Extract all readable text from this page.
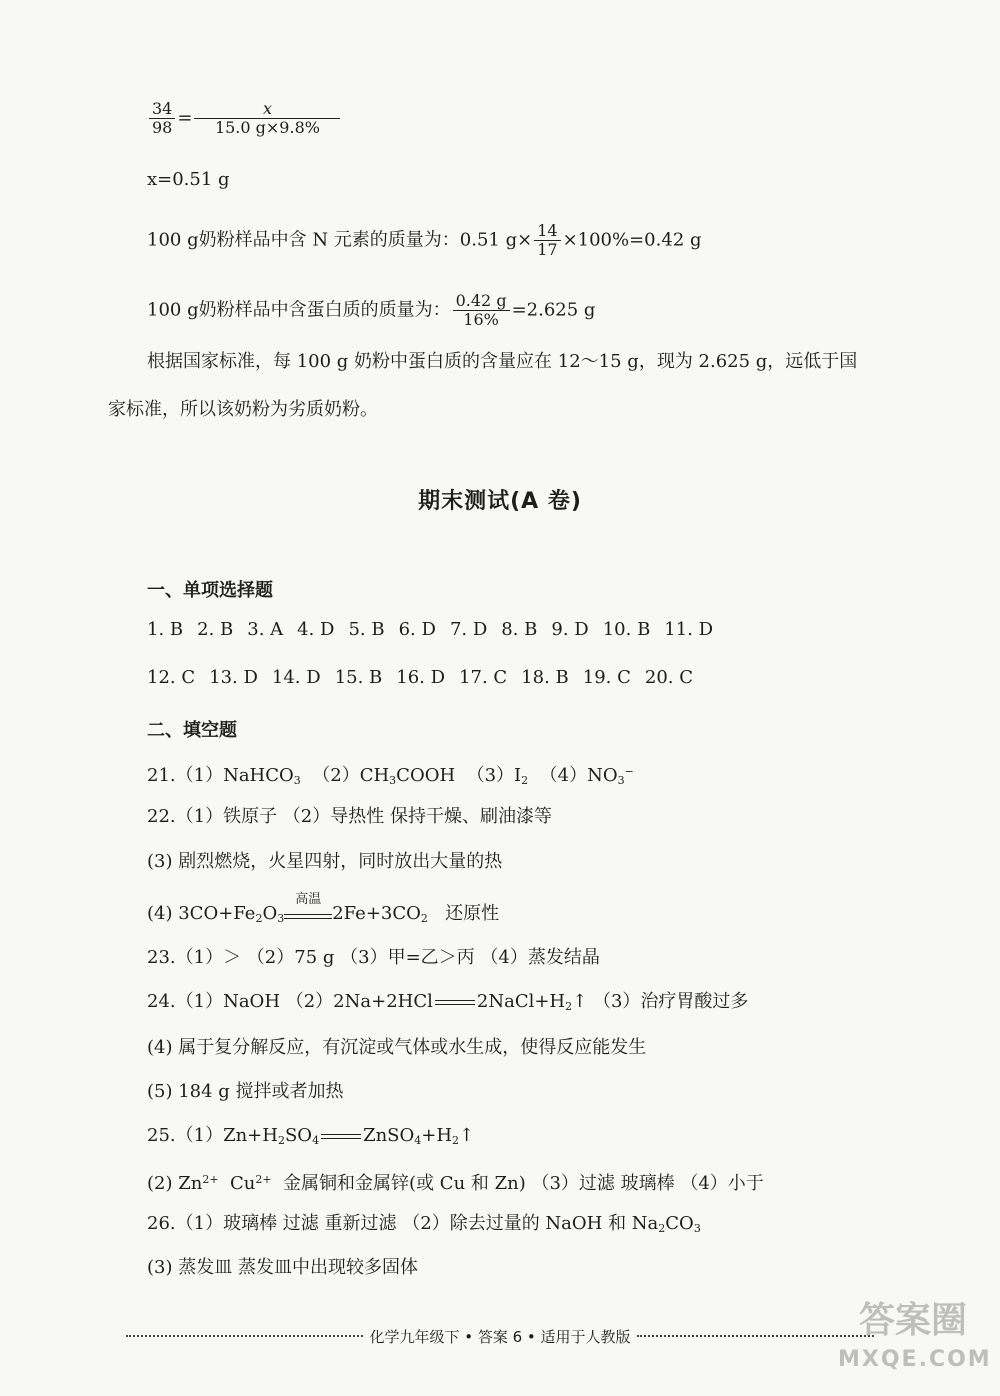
$\frac{34}{98} = \frac{x}{15.0 g\times 9.8\%}$
x=0.51 g
100 g奶粉样品中含 N 元素的质量为：0.51 $g\times \frac{14}{17} \times 100\%=0.42$ g
100 g奶粉样品中含蛋白质的质量为： $\frac{0.42 g}{16\%} =2.625$ g
根据国家标准，每 100 g 奶粉中蛋白质的含量应在 12～15 g，现为 2.625 g，远低于国
家标准，所以该奶粉为劣质奶粉。
期末测试(A 卷)
一、单项选择题
1. B 2. B 3. A 4. D 5. B 6. D 7. D 8. B 9. D 10. B 11. D
12. C 13. D 14. D 15. B 16. D 17. C 18. B 19. C 20. C
二、填空题
21.（1）NaHCO$_3$ $(2)CH_3COOH$ $(3)I_2$ $(4)NO_3^-$
22.（1）铁原子 （2）导热性 保持干燥、刷油漆等
(3) 剧烈燃烧，火星四射，同时放出大量的热
(4) $3CO+Fe_2O_3$
高温
$2Fe+3CO_2$ 还原性
23.（1）＞ （2）75 g （3）甲=乙＞丙 （4）蒸发结晶
24.（1）NaOH （2）2Na+2HCl $2NaCl+H_2↑$ （3）治疗胃酸过多
(4) 属于复分解反应，有沉淀或气体或水生成，使得反应能发生
(5) 184 g 搅拌或者加热
$25.(1)Zn+H_2SO_4$ $ZnSO_4+H_2↑$
(2) $Zn^{2+}$ $Cu^{2+}$ 金属铜和金属锌(或 Cu 和 Zn) （3）过滤 玻璃棒 （4）小于
26.（1）玻璃棒 过滤 重新过滤 （2）除去过量的 NaOH 和 $Na_2CO_3$
(3) 蒸发皿 蒸发皿中出现较多固体
化学九年级下 • 答案 6 • 适用于人教版	答案圈
MXQE.COM
